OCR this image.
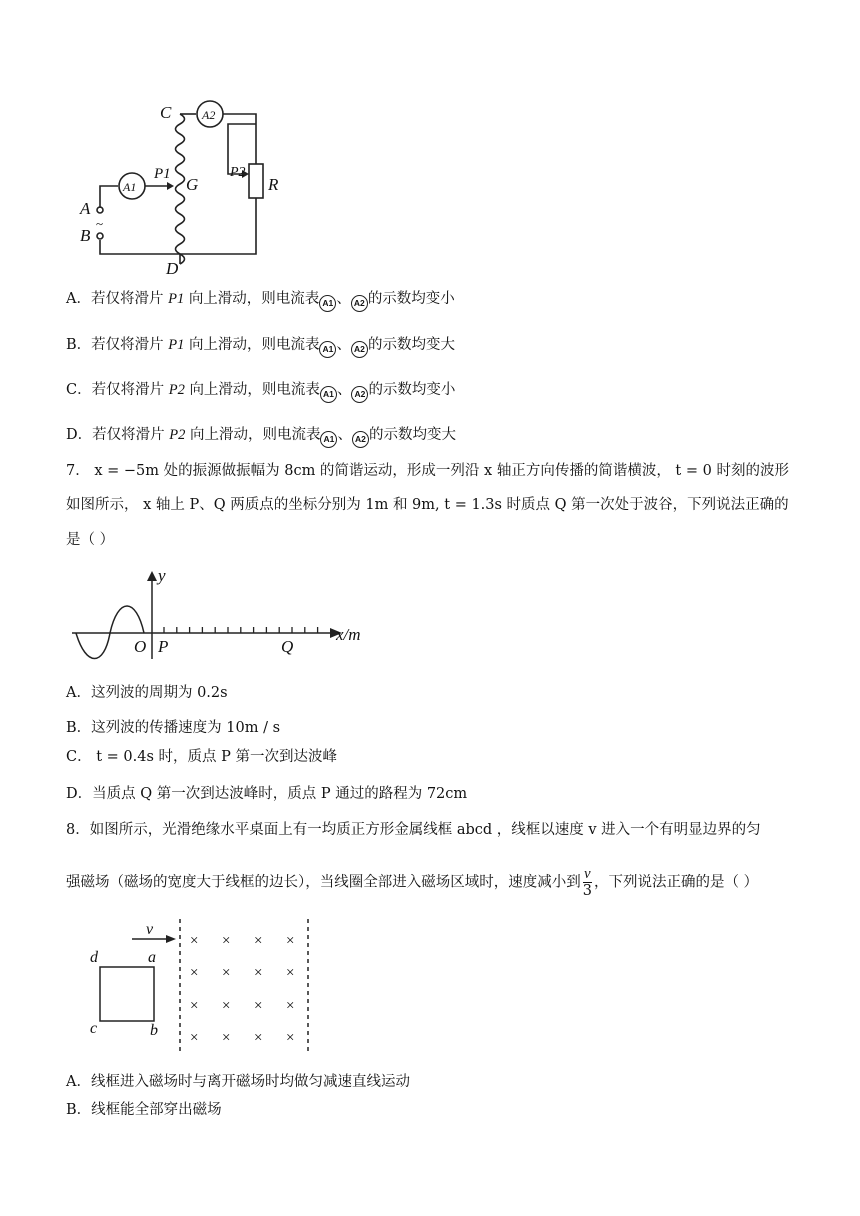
C	A2
P1
A1	G
P2
R
A
~
B
D
A．若仅将滑片 P1 向上滑动，则电流表 A1 、 A2 的示数均变小
B．若仅将滑片 P1 向上滑动，则电流表 A1 、 A2 的示数均变大
C．若仅将滑片 P2 向上滑动，则电流表 A1 、 A2 的示数均变小
D．若仅将滑片 P2 向上滑动，则电流表 A1 、 A2 的示数均变大
7． x = −5m 处的振源做振幅为 8cm 的简谐运动，形成一列沿 x 轴正方向传播的简谐横波， t = 0 时刻的波形
如图所示， x 轴上 P、Q 两质点的坐标分别为 1m 和 9m, t = 1.3s 时质点 Q 第一次处于波谷，下列说法正确的
是（ ）
y
x/m
O P	Q
A．这列波的周期为 0.2s
B．这列波的传播速度为 10m / s
C． t = 0.4s 时，质点 P 第一次到达波峰
D．当质点 Q 第一次到达波峰时，质点 P 通过的路程为 72cm
8．如图所示，光滑绝缘水平桌面上有一均质正方形金属线框 abcd ，线框以速度 v 进入一个有明显边界的匀
强磁场（磁场的宽度大于线框的边长），当线圈全部进入磁场区域时，速度减小到 $\frac{v}{3}$ ，下列说法正确的是（ ）
v
a
b
c
d
× × × ×
× × × ×
× × × ×
× × × ×
A．线框进入磁场时与离开磁场时均做匀减速直线运动
B．线框能全部穿出磁场
